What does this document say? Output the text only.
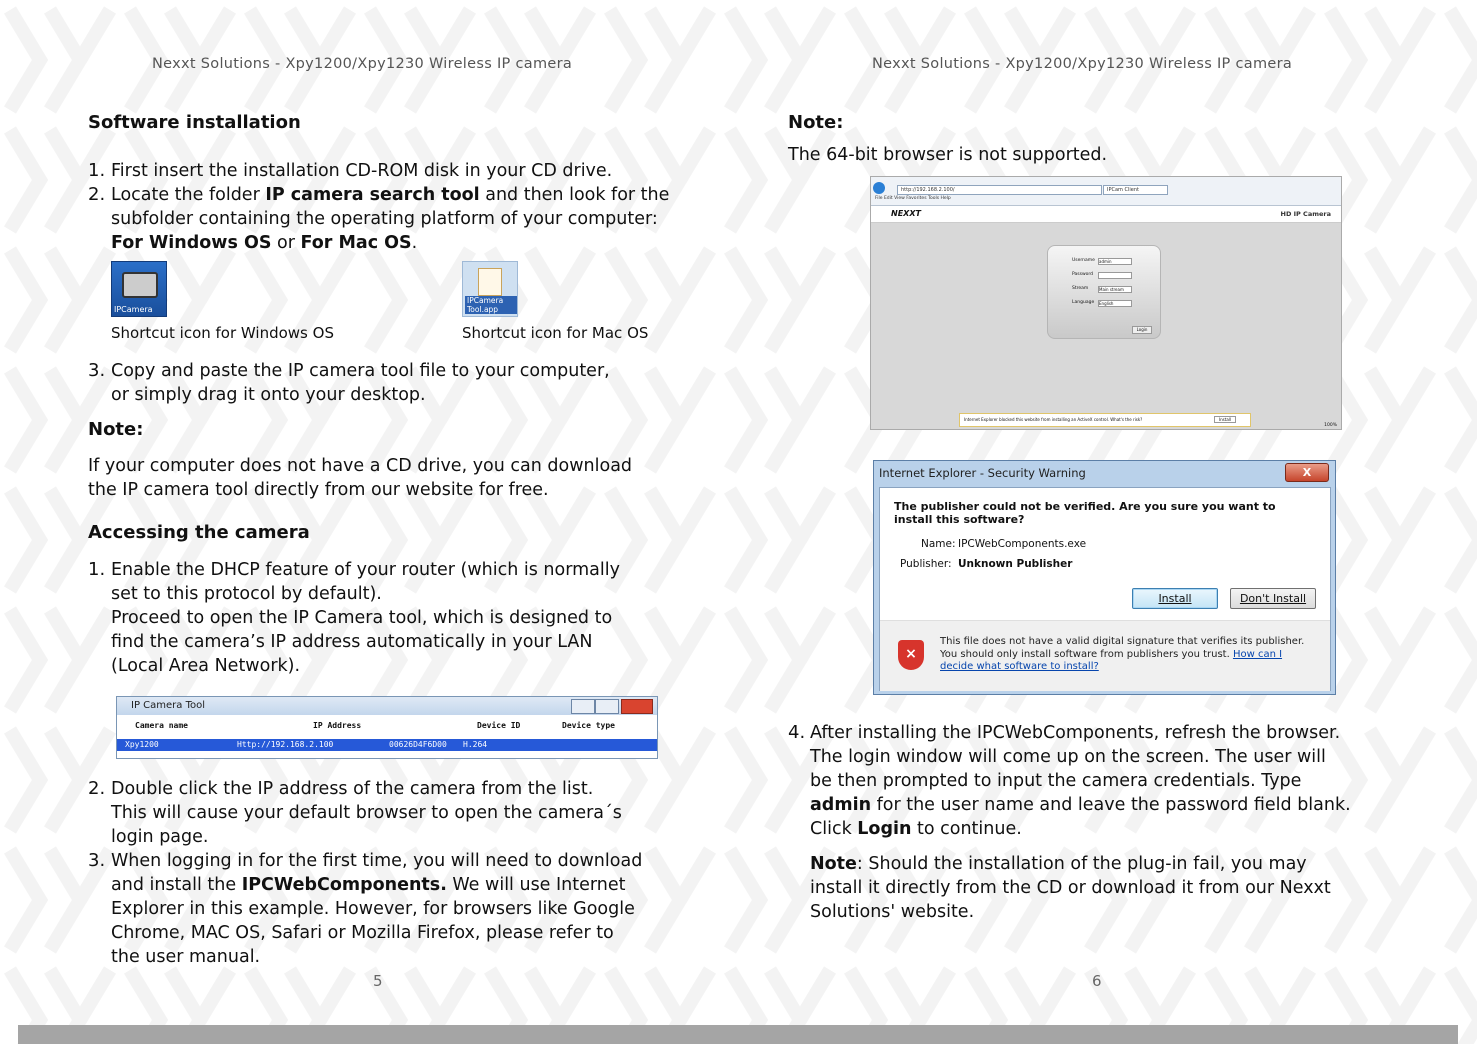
Nexxt Solutions - Xpy1200/Xpy1230 Wireless IP camera	Nexxt Solutions - Xpy1200/Xpy1230 Wireless IP camera
Software installation
1. First insert the installation CD-ROM disk in your CD drive.
2. Locate the folder IP camera search tool and then look for the
subfolder containing the operating platform of your computer:
For Windows OS or For Mac OS.
IPCamera
IPCamera Tool.app
Shortcut icon for Windows OS	Shortcut icon for Mac OS
3. Copy and paste the IP camera tool file to your computer,
or simply drag it onto your desktop.
Note:
If your computer does not have a CD drive, you can download
the IP camera tool directly from our website for free.
Accessing the camera
1. Enable the DHCP feature of your router (which is normally
set to this protocol by default).
Proceed to open the IP Camera tool, which is designed to
find the camera’s IP address automatically in your LAN
(Local Area Network).
IP Camera Tool
Camera name	IP Address	Device ID	Device type
Xpy1200	Http://192.168.2.100	00626D4F6D00 H.264
2. Double click the IP address of the camera from the list.
This will cause your default browser to open the camera´s
login page.
3. When logging in for the first time, you will need to download
and install the IPCWebComponents. We will use Internet
Explorer in this example. However, for browsers like Google
Chrome, MAC OS, Safari or Mozilla Firefox, please refer to
the user manual.
5
Note:
The 64-bit browser is not supported.
http://192.168.2.100/	IPCam Client
File Edit View Favorites Tools Help
NEXXT	HD IP Camera
Username admin
Password
Stream	Main stream
Language English
Login
Internet Explorer blocked this website from installing an ActiveX control. What's the risk?	Install
100%
Internet Explorer - Security Warning	X
The publisher could not be verified. Are you sure you want to install this software?
Name: IPCWebComponents.exe
Publisher: Unknown Publisher
Install	Don't Install
×
This file does not have a valid digital signature that verifies its publisher. You should only install software from publishers you trust. How can I decide what software to install?
4. After installing the IPCWebComponents, refresh the browser.
The login window will come up on the screen. The user will
be then prompted to input the camera credentials. Type
admin for the user name and leave the password field blank.
Click Login to continue.
Note: Should the installation of the plug-in fail, you may
install it directly from the CD or download it from our Nexxt
Solutions' website.
6
